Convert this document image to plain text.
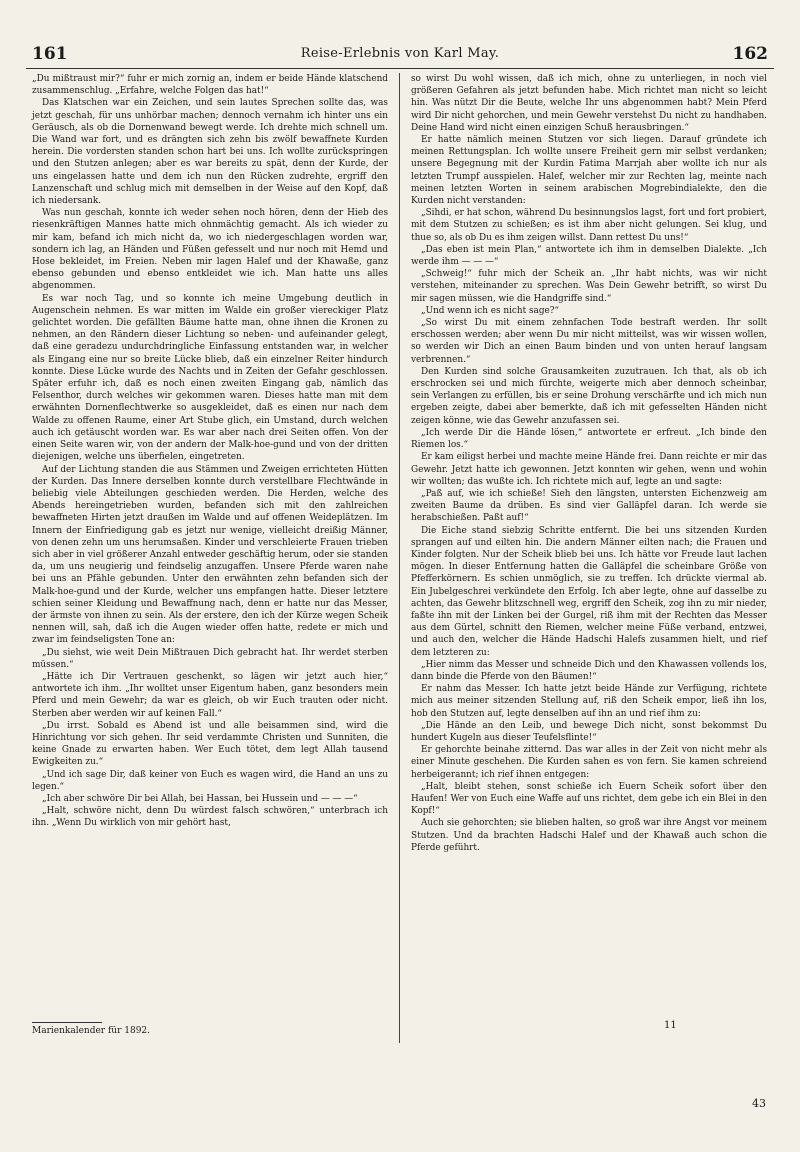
161	Reise-Erlebnis von Karl May.	162

„Du mißtraust mir?“ fuhr er mich zornig an, indem er beide Hände klatschend zusammenschlug. „Erfahre, welche Folgen das hat!“

Das Klatschen war ein Zeichen, und sein lautes Sprechen sollte das, was jetzt geschah, für uns unhörbar machen; dennoch vernahm ich hinter uns ein Geräusch, als ob die Dornenwand bewegt werde. Ich drehte mich schnell um. Die Wand war fort, und es drängten sich zehn bis zwölf bewaffnete Kurden herein. Die vordersten standen schon hart bei uns. Ich wollte zurückspringen und den Stutzen anlegen; aber es war bereits zu spät, denn der Kurde, der uns eingelassen hatte und dem ich nun den Rücken zudrehte, ergriff den Lanzenschaft und schlug mich mit demselben in der Weise auf den Kopf, daß ich niedersank.

Was nun geschah, konnte ich weder sehen noch hören, denn der Hieb des riesenkräftigen Mannes hatte mich ohnmächtig gemacht. Als ich wieder zu mir kam, befand ich mich nicht da, wo ich niedergeschlagen worden war, sondern ich lag, an Händen und Füßen gefesselt und nur noch mit Hemd und Hose bekleidet, im Freien. Neben mir lagen Halef und der Khawaße, ganz ebenso gebunden und ebenso entkleidet wie ich. Man hatte uns alles abgenommen.

Es war noch Tag, und so konnte ich meine Umgebung deutlich in Augenschein nehmen. Es war mitten im Walde ein großer viereckiger Platz gelichtet worden. Die gefällten Bäume hatte man, ohne ihnen die Kronen zu nehmen, an den Rändern dieser Lichtung so neben- und aufeinander gelegt, daß eine geradezu undurchdringliche Einfassung entstanden war, in welcher als Eingang eine nur so breite Lücke blieb, daß ein einzelner Reiter hindurch konnte. Diese Lücke wurde des Nachts und in Zeiten der Gefahr geschlossen. Später erfuhr ich, daß es noch einen zweiten Eingang gab, nämlich das Felsenthor, durch welches wir gekommen waren. Dieses hatte man mit dem erwähnten Dornenflechtwerke so ausgekleidet, daß es einen nur nach dem Walde zu offenen Raume, einer Art Stube glich, ein Umstand, durch welchen auch ich getäuscht worden war. Es war aber nach drei Seiten offen. Von der einen Seite waren wir, von der andern der Malk-hoe-gund und von der dritten diejenigen, welche uns überfielen, eingetreten.

Auf der Lichtung standen die aus Stämmen und Zweigen errichteten Hütten der Kurden. Das Innere derselben konnte durch verstellbare Flechtwände in beliebig viele Abteilungen geschieden werden. Die Herden, welche des Abends hereingetrieben wurden, befanden sich mit den zahlreichen bewaffneten Hirten jetzt draußen im Walde und auf offenen Weideplätzen. Im Innern der Einfriedigung gab es jetzt nur wenige, vielleicht dreißig Männer, von denen zehn um uns herumsaßen. Kinder und verschleierte Frauen trieben sich aber in viel größerer Anzahl entweder geschäftig herum, oder sie standen da, um uns neugierig und feindselig anzugaffen. Unsere Pferde waren nahe bei uns an Pfähle gebunden. Unter den erwähnten zehn befanden sich der Malk-hoe-gund und der Kurde, welcher uns empfangen hatte. Dieser letztere schien seiner Kleidung und Bewaffnung nach, denn er hatte nur das Messer, der ärmste von ihnen zu sein. Als der erstere, den ich der Kürze wegen Scheik nennen will, sah, daß ich die Augen wieder offen hatte, redete er mich und zwar im feindseligsten Tone an:

„Du siehst, wie weit Dein Mißtrauen Dich gebracht hat. Ihr werdet sterben müssen.“

„Hätte ich Dir Vertrauen geschenkt, so lägen wir jetzt auch hier,“ antwortete ich ihm. „Ihr wolltet unser Eigentum haben, ganz besonders mein Pferd und mein Gewehr; da war es gleich, ob wir Euch trauten oder nicht. Sterben aber werden wir auf keinen Fall.“

„Du irrst. Sobald es Abend ist und alle beisammen sind, wird die Hinrichtung vor sich gehen. Ihr seid verdammte Christen und Sunniten, die keine Gnade zu erwarten haben. Wer Euch tötet, dem legt Allah tausend Ewigkeiten zu.“

„Und ich sage Dir, daß keiner von Euch es wagen wird, die Hand an uns zu legen.“

„Ich aber schwöre Dir bei Allah, bei Hassan, bei Hussein und — — —“

„Halt, schwöre nicht, denn Du würdest falsch schwören,“ unterbrach ich ihn. „Wenn Du wirklich von mir gehört hast,

so wirst Du wohl wissen, daß ich mich, ohne zu unterliegen, in noch viel größeren Gefahren als jetzt befunden habe. Mich richtet man nicht so leicht hin. Was nützt Dir die Beute, welche Ihr uns abgenommen habt? Mein Pferd wird Dir nicht gehorchen, und mein Gewehr verstehst Du nicht zu handhaben. Deine Hand wird nicht einen einzigen Schuß herausbringen.“

Er hatte nämlich meinen Stutzen vor sich liegen. Darauf gründete ich meinen Rettungsplan. Ich wollte unsere Freiheit gern mir selbst verdanken; unsere Begegnung mit der Kurdin Fatima Marrjah aber wollte ich nur als letzten Trumpf ausspielen. Halef, welcher mir zur Rechten lag, meinte nach meinen letzten Worten in seinem arabischen Mogrebindialekte, den die Kurden nicht verstanden:

„Sihdi, er hat schon, während Du besinnungslos lagst, fort und fort probiert, mit dem Stutzen zu schießen; es ist ihm aber nicht gelungen. Sei klug, und thue so, als ob Du es ihm zeigen willst. Dann rettest Du uns!“

„Das eben ist mein Plan,“ antwortete ich ihm in demselben Dialekte. „Ich werde ihm — — —“

„Schweig!“ fuhr mich der Scheik an. „Ihr habt nichts, was wir nicht verstehen, miteinander zu sprechen. Was Dein Gewehr betrifft, so wirst Du mir sagen müssen, wie die Handgriffe sind.“

„Und wenn ich es nicht sage?“

„So wirst Du mit einem zehnfachen Tode bestraft werden. Ihr sollt erschossen werden; aber wenn Du mir nicht mitteilst, was wir wissen wollen, so werden wir Dich an einen Baum binden und von unten herauf langsam verbrennen.“

Den Kurden sind solche Grausamkeiten zuzutrauen. Ich that, als ob ich erschrocken sei und mich fürchte, weigerte mich aber dennoch scheinbar, sein Verlangen zu erfüllen, bis er seine Drohung verschärfte und ich mich nun ergeben zeigte, dabei aber bemerkte, daß ich mit gefesselten Händen nicht zeigen könne, wie das Gewehr anzufassen sei.

„Ich werde Dir die Hände lösen,“ antwortete er erfreut. „Ich binde den Riemen los.“

Er kam eiligst herbei und machte meine Hände frei. Dann reichte er mir das Gewehr. Jetzt hatte ich gewonnen. Jetzt konnten wir gehen, wenn und wohin wir wollten; das wußte ich. Ich richtete mich auf, legte an und sagte:

„Paß auf, wie ich schieße! Sieh den längsten, untersten Eichenzweig am zweiten Baume da drüben. Es sind vier Galläpfel daran. Ich werde sie herabschießen. Paßt auf!“

Die Eiche stand siebzig Schritte entfernt. Die bei uns sitzenden Kurden sprangen auf und eilten hin. Die andern Männer eilten nach; die Frauen und Kinder folgten. Nur der Scheik blieb bei uns. Ich hätte vor Freude laut lachen mögen. In dieser Entfernung hatten die Galläpfel die scheinbare Größe von Pfefferkörnern. Es schien unmöglich, sie zu treffen. Ich drückte viermal ab. Ein Jubelgeschrei verkündete den Erfolg. Ich aber legte, ohne auf dasselbe zu achten, das Gewehr blitzschnell weg, ergriff den Scheik, zog ihn zu mir nieder, faßte ihn mit der Linken bei der Gurgel, riß ihm mit der Rechten das Messer aus dem Gürtel, schnitt den Riemen, welcher meine Füße verband, entzwei, und auch den, welcher die Hände Hadschi Halefs zusammen hielt, und rief dem letzteren zu:

„Hier nimm das Messer und schneide Dich und den Khawassen vollends los, dann binde die Pferde von den Bäumen!“

Er nahm das Messer. Ich hatte jetzt beide Hände zur Verfügung, richtete mich aus meiner sitzenden Stellung auf, riß den Scheik empor, ließ ihn los, hob den Stutzen auf, legte denselben auf ihn an und rief ihm zu:

„Die Hände an den Leib, und bewege Dich nicht, sonst bekommst Du hundert Kugeln aus dieser Teufelsflinte!“

Er gehorchte beinahe zitternd. Das war alles in der Zeit von nicht mehr als einer Minute geschehen. Die Kurden sahen es von fern. Sie kamen schreiend herbeigerannt; ich rief ihnen entgegen:

„Halt, bleibt stehen, sonst schieße ich Euern Scheik sofort über den Haufen! Wer von Euch eine Waffe auf uns richtet, dem gebe ich ein Blei in den Kopf!“

Auch sie gehorchten; sie blieben halten, so groß war ihre Angst vor meinem Stutzen. Und da brachten Hadschi Halef und der Khawaß auch schon die Pferde geführt.

Marienkalender für 1892.	11
43
